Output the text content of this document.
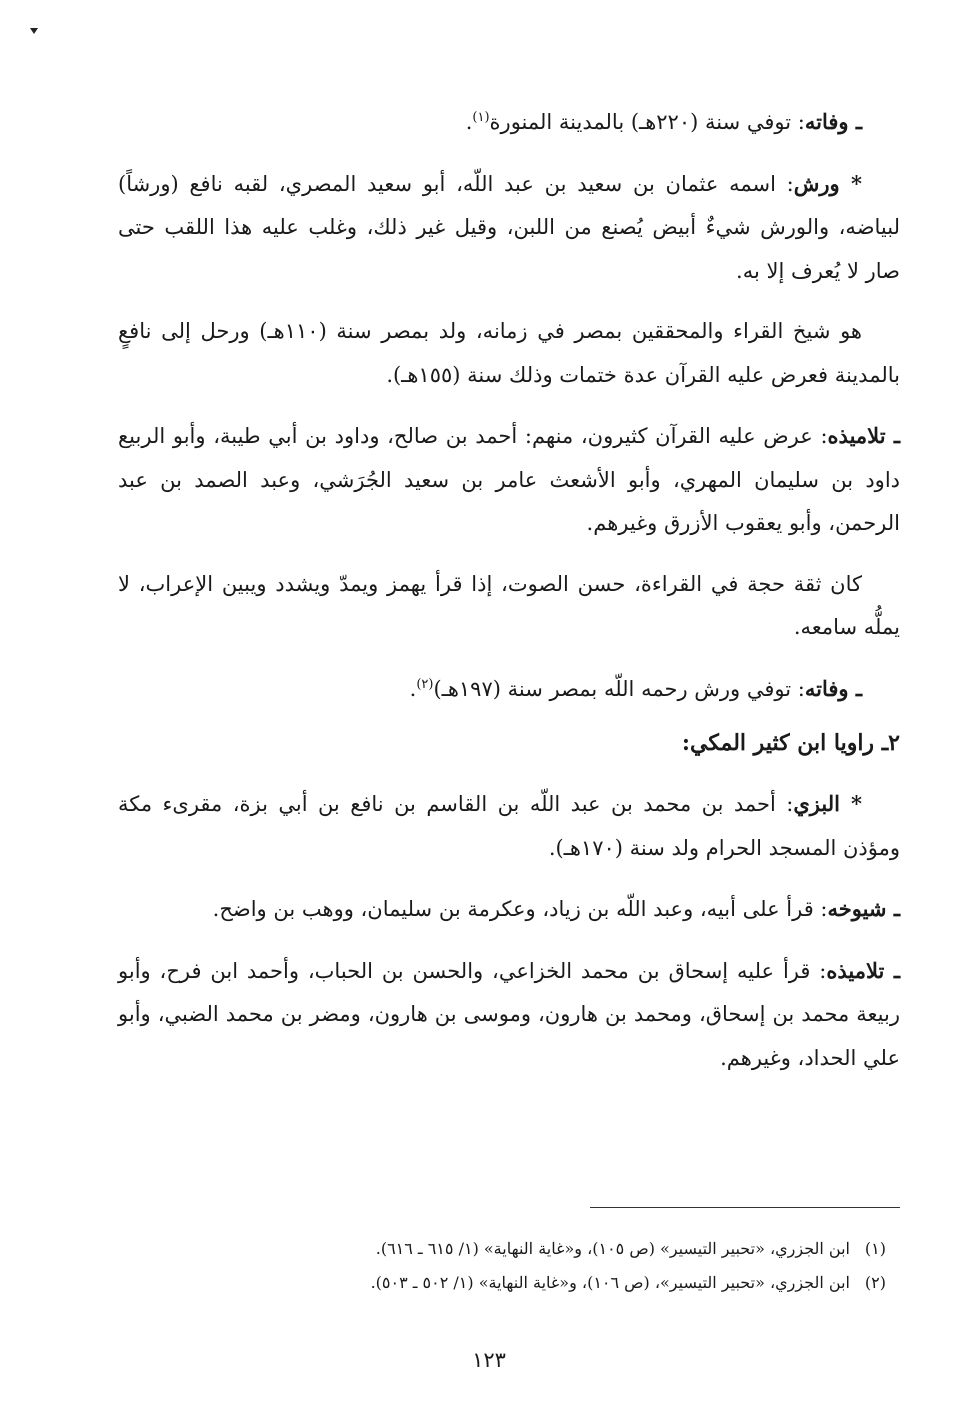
ـ وفاته: توفي سنة (٢٢٠هـ) بالمدينة المنورة$^{(١)}$.

* ورش: اسمه عثمان بن سعيد بن عبد اللّه، أبو سعيد المصري، لقبه نافع (ورشاً) لبياضه، والورش شيءٌ أبيض يُصنع من اللبن، وقيل غير ذلك، وغلب عليه هذا اللقب حتى صار لا يُعرف إلا به.

هو شيخ القراء والمحققين بمصر في زمانه، ولد بمصر سنة (١١٠هـ) ورحل إلى نافعٍ بالمدينة فعرض عليه القرآن عدة ختمات وذلك سنة (١٥٥هـ).

ـ تلاميذه: عرض عليه القرآن كثيرون، منهم: أحمد بن صالح، وداود بن أبي طيبة، وأبو الربيع داود بن سليمان المهري، وأبو الأشعث عامر بن سعيد الجُرَشي، وعبد الصمد بن عبد الرحمن، وأبو يعقوب الأزرق وغيرهم.

كان ثقة حجة في القراءة، حسن الصوت، إذا قرأ يهمز ويمدّ ويشدد ويبين الإعراب، لا يملُّه سامعه.

ـ وفاته: توفي ورش رحمه اللّه بمصر سنة (١٩٧هـ)$^{(٢)}$.

٢ـ راويا ابن كثير المكي:

* البزي: أحمد بن محمد بن عبد اللّه بن القاسم بن نافع بن أبي بزة، مقرىء مكة ومؤذن المسجد الحرام ولد سنة (١٧٠هـ).

ـ شيوخه: قرأ على أبيه، وعبد اللّه بن زياد، وعكرمة بن سليمان، ووهب بن واضح.

ـ تلاميذه: قرأ عليه إسحاق بن محمد الخزاعي، والحسن بن الحباب، وأحمد ابن فرح، وأبو ربيعة محمد بن إسحاق، ومحمد بن هارون، وموسى بن هارون، ومضر بن محمد الضبي، وأبو علي الحداد، وغيرهم.

(١)ابن الجزري، «تحبير التيسير» (ص ١٠٥)، و«غاية النهاية» (١/ ٦١٥ ـ ٦١٦).

(٢)ابن الجزري، «تحبير التيسير»، (ص ١٠٦)، و«غاية النهاية» (١/ ٥٠٢ ـ ٥٠٣).

١٢٣
